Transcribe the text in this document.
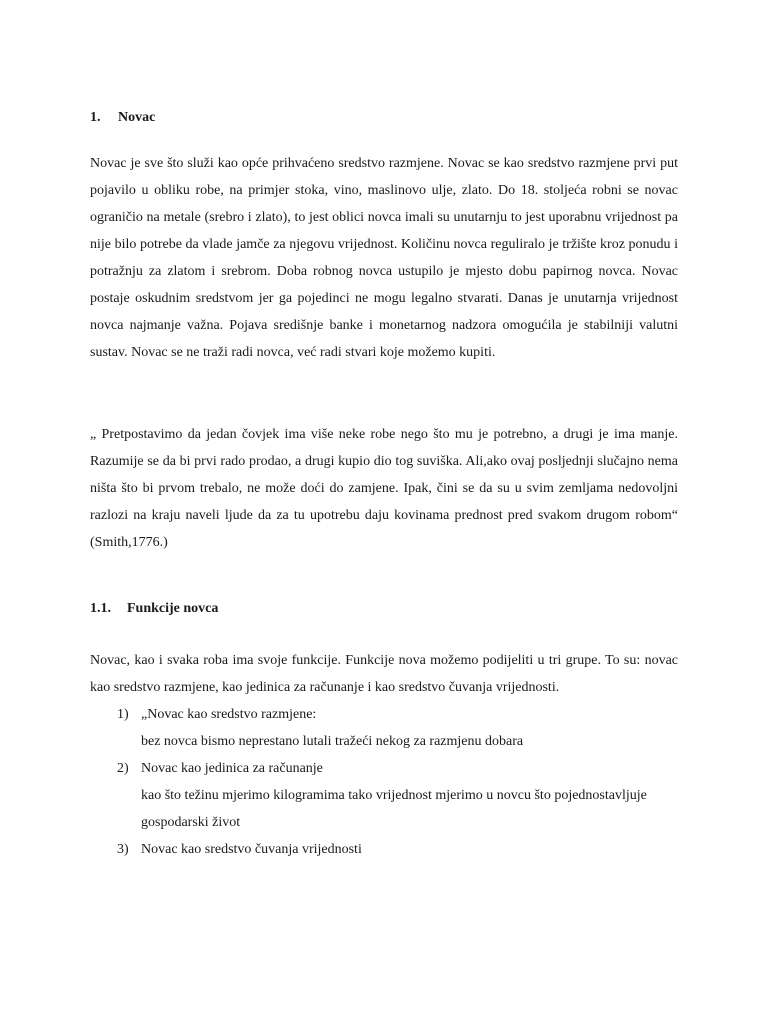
1. Novac

Novac je sve što služi kao opće prihvaćeno sredstvo razmjene. Novac se kao sredstvo razmjene prvi put pojavilo u obliku robe, na primjer stoka, vino, maslinovo ulje, zlato. Do 18. stoljeća robni se novac ograničio na metale (srebro i zlato), to jest oblici novca imali su unutarnju to jest uporabnu vrijednost pa nije bilo potrebe da vlade jamče za njegovu vrijednost. Količinu novca reguliralo je tržište kroz ponudu i potražnju za zlatom i srebrom. Doba robnog novca ustupilo je mjesto dobu papirnog novca. Novac postaje oskudnim sredstvom jer ga pojedinci ne mogu legalno stvarati. Danas je unutarnja vrijednost novca najmanje važna. Pojava središnje banke i monetarnog nadzora omogućila je stabilniji valutni sustav. Novac se ne traži radi novca, već radi stvari koje možemo kupiti.

„ Pretpostavimo da jedan čovjek ima više neke robe nego što mu je potrebno, a drugi je ima manje. Razumije se da bi prvi rado prodao, a drugi kupio dio tog suviška. Ali,ako ovaj posljednji slučajno nema ništa što bi prvom trebalo, ne može doći do zamjene. Ipak, čini se da su u svim zemljama nedovoljni razlozi na kraju naveli ljude da za tu upotrebu daju kovinama prednost pred svakom drugom robom“ (Smith,1776.)

1.1. Funkcije novca

Novac, kao i svaka roba ima svoje funkcije. Funkcije nova možemo podijeliti u tri grupe. To su: novac kao sredstvo razmjene, kao jedinica za računanje i kao sredstvo čuvanja vrijednosti.

1) „Novac kao sredstvo razmjene:
bez novca bismo neprestano lutali tražeći nekog za razmjenu dobara
2) Novac kao jedinica za računanje
kao što težinu mjerimo kilogramima tako vrijednost mjerimo u novcu što pojednostavljuje gospodarski život
3) Novac kao sredstvo čuvanja vrijednosti
